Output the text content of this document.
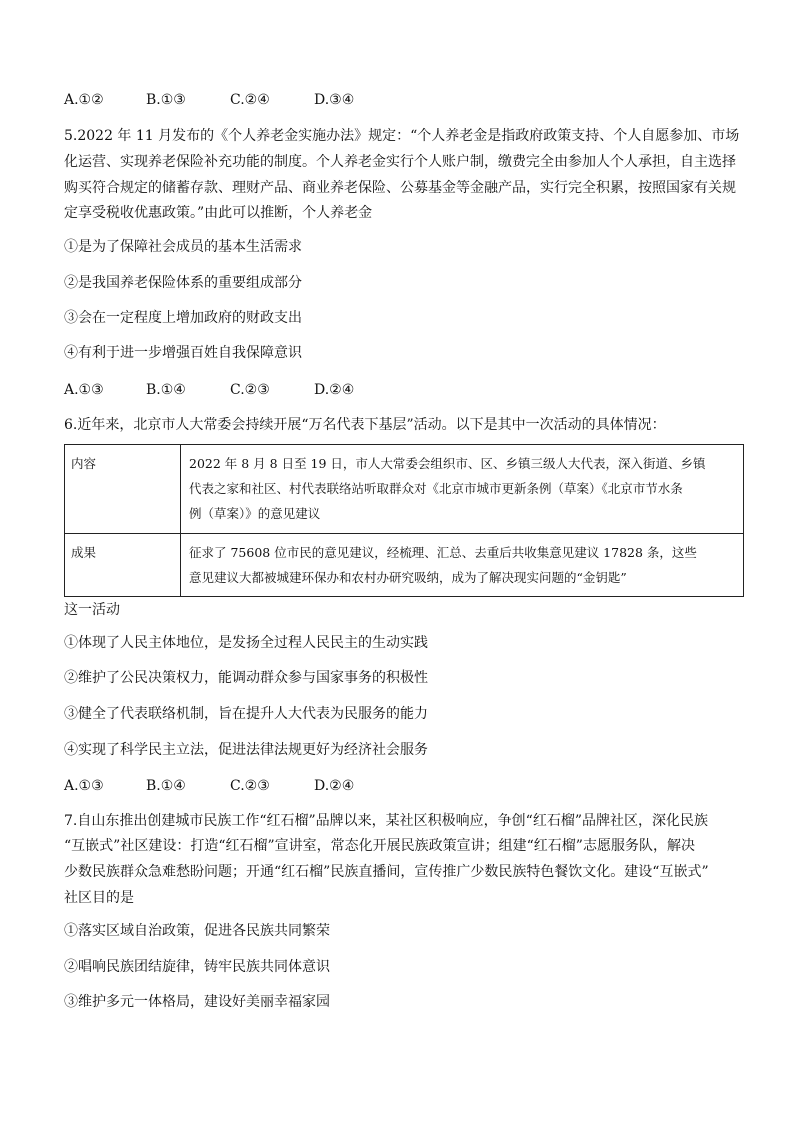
A.①②	B.①③	C.②④	D.③④
5.2022 年 11 月发布的《个人养老金实施办法》规定：“个人养老金是指政府政策支持、个人自愿参加、市场
化运营、实现养老保险补充功能的制度。个人养老金实行个人账户制，缴费完全由参加人个人承担，自主选择
购买符合规定的储蓄存款、理财产品、商业养老保险、公募基金等金融产品，实行完全积累，按照国家有关规
定享受税收优惠政策。”由此可以推断，个人养老金
①是为了保障社会成员的基本生活需求
②是我国养老保险体系的重要组成部分
③会在一定程度上增加政府的财政支出
④有利于进一步增强百姓自我保障意识
A.①③	B.①④	C.②③	D.②④
6.近年来，北京市人大常委会持续开展“万名代表下基层”活动。以下是其中一次活动的具体情况：
内容	2022 年 8 月 8 日至 19 日，市人大常委会组织市、区、乡镇三级人大代表，深入街道、乡镇
代表之家和社区、村代表联络站听取群众对《北京市城市更新条例（草案）《北京市节水条
例（草案）》的意见建议

成果	征求了 75608 位市民的意见建议，经梳理、汇总、去重后共收集意见建议 17828 条，这些
意见建议大都被城建环保办和农村办研究吸纳，成为了解决现实问题的“金钥匙”
这一活动
①体现了人民主体地位，是发扬全过程人民民主的生动实践
②维护了公民决策权力，能调动群众参与国家事务的积极性
③健全了代表联络机制，旨在提升人大代表为民服务的能力
④实现了科学民主立法，促进法律法规更好为经济社会服务
A.①③	B.①④	C.②③	D.②④
7.自山东推出创建城市民族工作“红石榴”品牌以来，某社区积极响应，争创“红石榴”品牌社区，深化民族
“互嵌式”社区建设：打造“红石榴”宣讲室，常态化开展民族政策宣讲；组建“红石榴”志愿服务队，解决
少数民族群众急难愁盼问题；开通“红石榴”民族直播间，宣传推广少数民族特色餐饮文化。建设“互嵌式”
社区目的是
①落实区域自治政策，促进各民族共同繁荣
②唱响民族团结旋律，铸牢民族共同体意识
③维护多元一体格局，建设好美丽幸福家园
